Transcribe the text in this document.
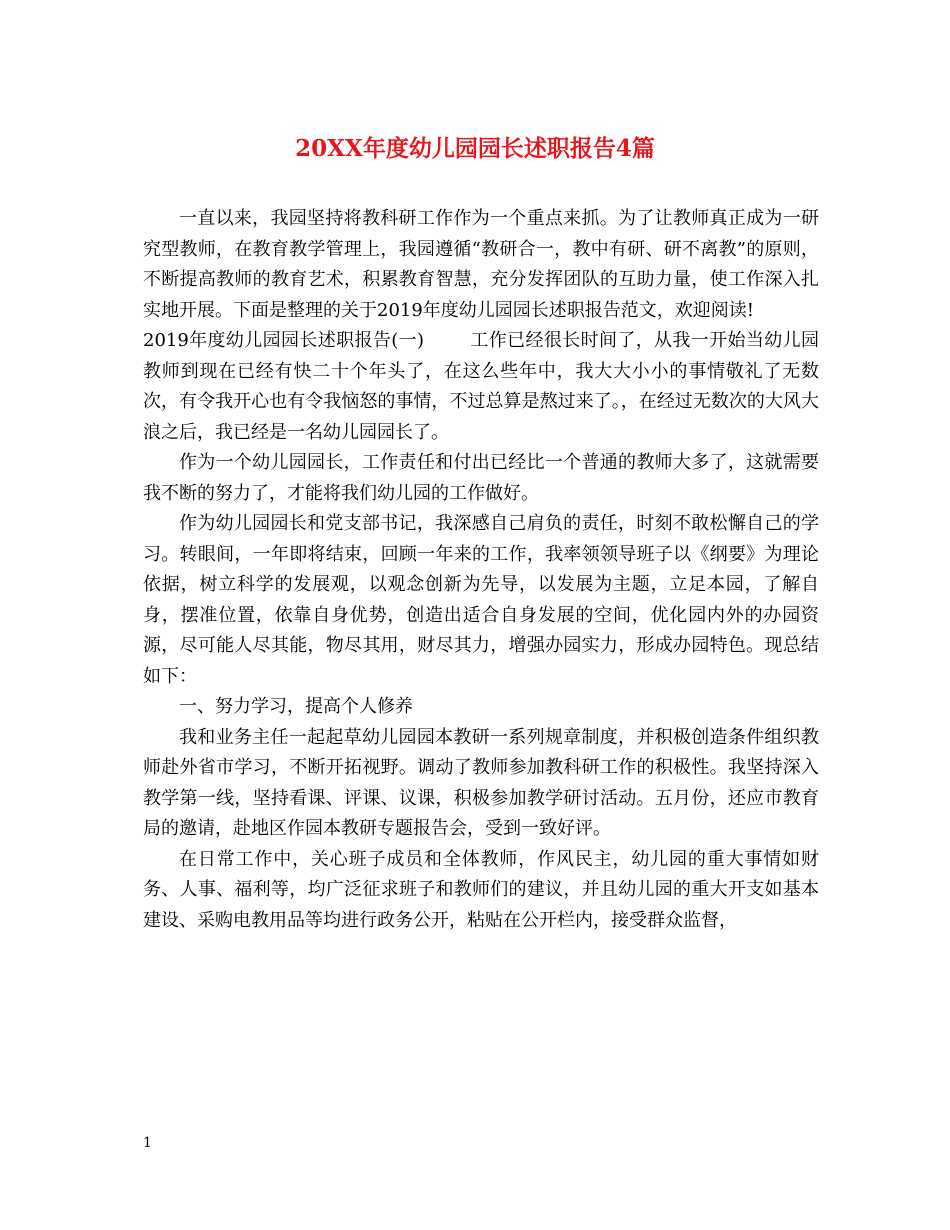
20XX年度幼儿园园长述职报告4篇

一直以来，我园坚持将教科研工作作为一个重点来抓。为了让教师真正成为一研究型教师，在教育教学管理上，我园遵循“教研合一，教中有研、研不离教”的原则，不断提高教师的教育艺术，积累教育智慧，充分发挥团队的互助力量，使工作深入扎实地开展。下面是整理的关于2019年度幼儿园园长述职报告范文，欢迎阅读!

2019年度幼儿园园长述职报告(一)	工作已经很长时间了，从我一开始当幼儿园教师到现在已经有快二十个年头了，在这么些年中，我大大小小的事情敬礼了无数次，有令我开心也有令我恼怒的事情，不过总算是熬过来了。，在经过无数次的大风大浪之后，我已经是一名幼儿园园长了。

作为一个幼儿园园长，工作责任和付出已经比一个普通的教师大多了，这就需要我不断的努力了，才能将我们幼儿园的工作做好。

作为幼儿园园长和党支部书记，我深感自己肩负的责任，时刻不敢松懈自己的学习。转眼间，一年即将结束，回顾一年来的工作，我率领领导班子以《纲要》为理论依据，树立科学的发展观，以观念创新为先导，以发展为主题，立足本园，了解自身，摆准位置，依靠自身优势，创造出适合自身发展的空间，优化园内外的办园资源，尽可能人尽其能，物尽其用，财尽其力，增强办园实力，形成办园特色。现总结如下：

一、努力学习，提高个人修养

我和业务主任一起起草幼儿园园本教研一系列规章制度，并积极创造条件组织教师赴外省市学习，不断开拓视野。调动了教师参加教科研工作的积极性。我坚持深入教学第一线，坚持看课、评课、议课，积极参加教学研讨活动。五月份，还应市教育局的邀请，赴地区作园本教研专题报告会，受到一致好评。

在日常工作中，关心班子成员和全体教师，作风民主，幼儿园的重大事情如财务、人事、福利等，均广泛征求班子和教师们的建议，并且幼儿园的重大开支如基本建设、采购电教用品等均进行政务公开，粘贴在公开栏内，接受群众监督，

1
